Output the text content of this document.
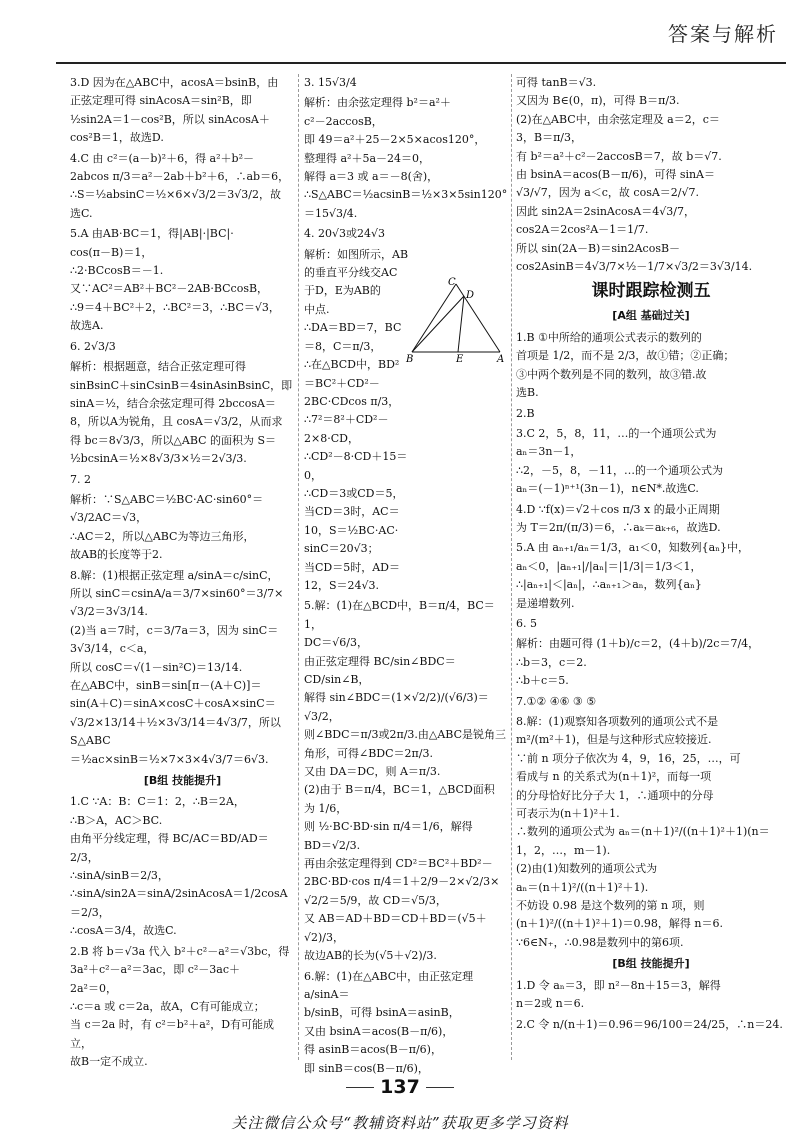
答案与解析
3.D 因为在△ABC中，acosA＝bsinB，由
正弦定理可得 sinAcosA＝sin²B，即
½sin2A＝1－cos²B，所以 sinAcosA＋
cos²B＝1，故选D.
4.C 由 c²＝(a－b)²＋6，得 a²＋b²－
2abcos π/3＝a²－2ab＋b²＋6，∴ab＝6，
∴S＝½absinC＝½×6×√3/2＝3√3/2，故
选C.
5.A 由AB·BC＝1，得|AB|·|BC|·
cos(π－B)＝1，
∴2·BCcosB＝－1.
又∵AC²＝AB²＋BC²－2AB·BCcosB，
∴9＝4＋BC²＋2，∴BC²＝3，∴BC＝√3，
故选A.
6. 2√3/3
解析：根据题意，结合正弦定理可得
sinBsinC＋sinCsinB＝4sinAsinBsinC，即
sinA＝½，结合余弦定理可得 2bccosA＝
8，所以A为锐角，且 cosA＝√3/2，从而求
得 bc＝8√3/3，所以△ABC 的面积为 S＝
½bcsinA＝½×8√3/3×½＝2√3/3.
7. 2
解析：∵S△ABC＝½BC·AC·sin60°＝
√3/2AC＝√3，
∴AC＝2，所以△ABC为等边三角形，
故AB的长度等于2.
8.解：(1)根据正弦定理 a/sinA＝c/sinC，
所以 sinC＝csinA/a＝3/7×sin60°＝3/7×
√3/2＝3√3/14.
(2)当 a＝7时，c＝3/7a＝3，因为 sinC＝
3√3/14，c＜a，
所以 cosC＝√(1－sin²C)＝13/14.
在△ABC中，sinB＝sin[π－(A＋C)]＝
sin(A＋C)＝sinA×cosC＋cosA×sinC＝
√3/2×13/14＋½×3√3/14＝4√3/7，所以 S△ABC
＝½ac×sinB＝½×7×3×4√3/7＝6√3.
[B组 技能提升]
1.C ∵A：B：C＝1：2，∴B＝2A，
∴B＞A，AC＞BC.
由角平分线定理，得 BC/AC＝BD/AD＝2/3，
∴sinA/sinB＝2/3，
∴sinA/sin2A＝sinA/2sinAcosA＝1/2cosA＝2/3，
∴cosA＝3/4，故选C.
2.B 将 b＝√3a 代入 b²＋c²－a²＝√3bc，得
3a²＋c²－a²＝3ac，即 c²－3ac＋
2a²＝0，
∴c＝a 或 c＝2a，故A，C有可能成立；
当 c＝2a 时，有 c²＝b²＋a²，D有可能成立，
故B一定不成立.
3. 15√3/4
解析：由余弦定理得 b²＝a²＋
c²－2accosB，
即 49＝a²＋25－2×5×acos120°，
整理得 a²＋5a－24＝0，
解得 a＝3 或 a＝－8(舍)，
∴S△ABC＝½acsinB＝½×3×5sin120°
＝15√3/4.
4. 20√3或24√3
解析：如图所示，AB
的垂直平分线交AC
于D，E为AB的
中点.
∴DA＝BD＝7，BC
＝8，C＝π/3，
∴在△BCD中，BD²
＝BC²＋CD²－2BC·CDcos π/3，
∴7²＝8²＋CD²－2×8·CD，
∴CD²－8·CD＋15＝0，
∴CD＝3或CD＝5，
当CD＝3时，AC＝10，S＝½BC·AC·
sinC＝20√3；
当CD＝5时，AD＝12，S＝24√3.
5.解：(1)在△BCD中，B＝π/4，BC＝1，
DC＝√6/3，
由正弦定理得 BC/sin∠BDC＝CD/sin∠B，
解得 sin∠BDC＝(1×√2/2)/(√6/3)＝√3/2，
则∠BDC＝π/3或2π/3.由△ABC是锐角三
角形，可得∠BDC＝2π/3.
又由 DA＝DC，则 A＝π/3.
(2)由于 B＝π/4，BC＝1，△BCD面积
为 1/6，
则 ½·BC·BD·sin π/4＝1/6，解得
BD＝√2/3.
再由余弦定理得到 CD²＝BC²＋BD²－
2BC·BD·cos π/4＝1＋2/9－2×√2/3×
√2/2＝5/9，故 CD＝√5/3，
又 AB＝AD＋BD＝CD＋BD＝(√5＋√2)/3，
故边AB的长为(√5＋√2)/3.
6.解：(1)在△ABC中，由正弦定理 a/sinA＝
b/sinB，可得 bsinA＝asinB，
又由 bsinA＝acos(B－π/6)，
得 asinB＝acos(B－π/6)，
即 sinB＝cos(B－π/6)，
可得 tanB＝√3.
又因为 B∈(0，π)，可得 B＝π/3.
(2)在△ABC中，由余弦定理及 a＝2，c＝
3，B＝π/3，
有 b²＝a²＋c²－2accosB＝7，故 b＝√7.
由 bsinA＝acos(B－π/6)，可得 sinA＝
√3/√7，因为 a＜c，故 cosA＝2/√7.
因此 sin2A＝2sinAcosA＝4√3/7，
cos2A＝2cos²A－1＝1/7.
所以 sin(2A－B)＝sin2AcosB－
cos2AsinB＝4√3/7×½－1/7×√3/2＝3√3/14.
课时跟踪检测五
[A组 基础过关]
1.B ①中所给的通项公式表示的数列的
首项是 1/2，而不是 2/3，故①错；②正确；
③中两个数列是不同的数列，故③错.故
选B.
2.B
3.C 2，5，8，11，…的一个通项公式为
aₙ＝3n－1，
∴2，－5，8，－11，…的一个通项公式为
aₙ＝(－1)ⁿ⁺¹(3n－1)，n∈N*.故选C.
4.D ∵f(x)＝√2＋cos π/3 x 的最小正周期
为 T＝2π/(π/3)＝6，∴aₖ＝aₖ₊₆，故选D.
5.A 由 aₙ₊₁/aₙ＝1/3，a₁＜0，知数列{aₙ}中，
aₙ＜0，|aₙ₊₁|/|aₙ|＝|1/3|＝1/3＜1，
∴|aₙ₊₁|＜|aₙ|，∴aₙ₊₁＞aₙ，数列{aₙ}
是递增数列.
6. 5
解析：由题可得 (1＋b)/c＝2，(4＋b)/2c＝7/4，
∴b＝3，c＝2.
∴b＋c＝5.
7.①② ④⑥ ③ ⑤
8.解：(1)观察知各项数列的通项公式不是
m²/(m²＋1)，但是与这种形式应较接近.
∵前 n 项分子依次为 4，9，16，25，…，可
看成与 n 的关系式为(n＋1)²，而每一项
的分母恰好比分子大 1，∴通项中的分母
可表示为(n＋1)²＋1.
∴数列的通项公式为 aₙ＝(n＋1)²/((n＋1)²＋1)(n＝
1，2，…，m－1).
(2)由(1)知数列的通项公式为
aₙ＝(n＋1)²/((n＋1)²＋1).
不妨设 0.98 是这个数列的第 n 项，则
(n＋1)²/((n＋1)²＋1)＝0.98，解得 n＝6.
∵6∈N₊，∴0.98是数列中的第6项.
[B组 技能提升]
1.D 令 aₙ＝3，即 n²－8n＋15＝3，解得
n＝2或 n＝6.
2.C 令 n/(n＋1)＝0.96＝96/100＝24/25，∴n＝24.
C
D
B	E	A
137
关注微信公众号“教辅资料站”获取更多学习资料
